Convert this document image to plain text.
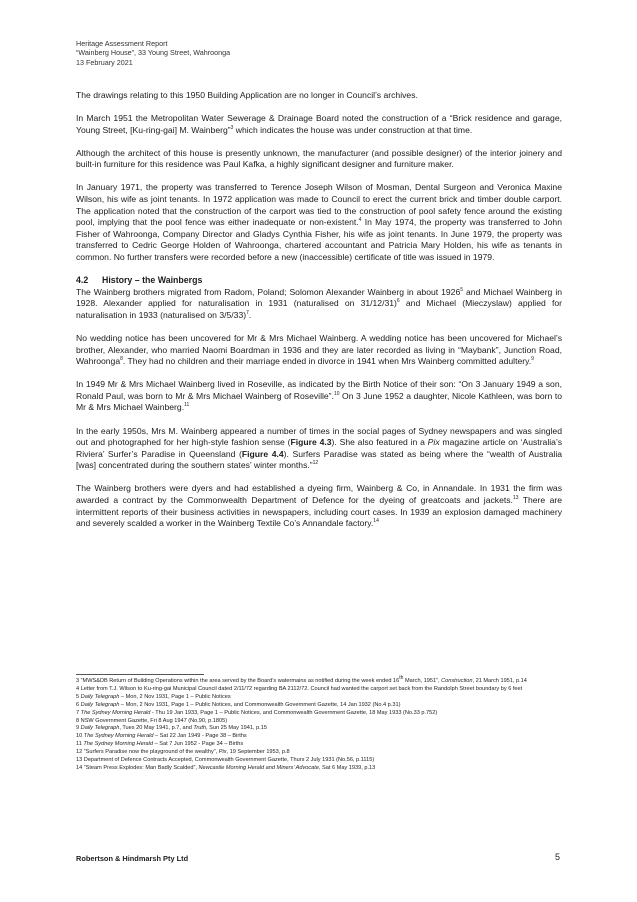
Heritage Assessment Report
“Wainberg House”, 33 Young Street, Wahroonga
13 February 2021

The drawings relating to this 1950 Building Application are no longer in Council’s archives.

In March 1951 the Metropolitan Water Sewerage & Drainage Board noted the construction of a “Brick residence and garage, Young Street, [Ku-ring-gai] M. Wainberg”$^3$ which indicates the house was under construction at that time.

Although the architect of this house is presently unknown, the manufacturer (and possible designer) of the interior joinery and built-in furniture for this residence was Paul Kafka, a highly significant designer and furniture maker.

In January 1971, the property was transferred to Terence Joseph Wilson of Mosman, Dental Surgeon and Veronica Maxine Wilson, his wife as joint tenants. In 1972 application was made to Council to erect the current brick and timber double carport. The application noted that the construction of the carport was tied to the construction of pool safety fence around the existing pool, implying that the pool fence was either inadequate or non-existent.$^4$ In May 1974, the property was transferred to John Fisher of Wahroonga, Company Director and Gladys Cynthia Fisher, his wife as joint tenants. In June 1979, the property was transferred to Cedric George Holden of Wahroonga, chartered accountant and Patricia Mary Holden, his wife as tenants in common. No further transfers were recorded before a new (inaccessible) certificate of title was issued in 1979.

4.2 History – the Wainbergs

The Wainberg brothers migrated from Radom, Poland; Solomon Alexander Wainberg in about 1926$^5$ and Michael Wainberg in 1928. Alexander applied for naturalisation in 1931 (naturalised on 31/12/31)$^6$ and Michael (Mieczyslaw) applied for naturalisation in 1933 (naturalised on 3/5/33)$^7$.

No wedding notice has been uncovered for Mr & Mrs Michael Wainberg. A wedding notice has been uncovered for Michael’s brother, Alexander, who married Naomi Boardman in 1936 and they are later recorded as living in “Maybank”, Junction Road, Wahroonga$^8$. They had no children and their marriage ended in divorce in 1941 when Mrs Wainberg committed adultery.$^9$

In 1949 Mr & Mrs Michael Wainberg lived in Roseville, as indicated by the Birth Notice of their son: “On 3 January 1949 a son, Ronald Paul, was born to Mr & Mrs Michael Wainberg of Roseville”.$^{10}$ On 3 June 1952 a daughter, Nicole Kathleen, was born to Mr & Mrs Michael Wainberg.$^{11}$

In the early 1950s, Mrs M. Wainberg appeared a number of times in the social pages of Sydney newspapers and was singled out and photographed for her high-style fashion sense (Figure 4.3). She also featured in a Pix magazine article on ‘Australia’s Riviera’ Surfer’s Paradise in Queensland (Figure 4.4). Surfers Paradise was stated as being where the “wealth of Australia [was] concentrated during the southern states’ winter months.”$^{12}$

The Wainberg brothers were dyers and had established a dyeing firm, Wainberg & Co, in Annandale. In 1931 the firm was awarded a contract by the Commonwealth Department of Defence for the dyeing of greatcoats and jackets.$^{13}$ There are intermittent reports of their business activities in newspapers, including court cases. In 1939 an explosion damaged machinery and severely scalded a worker in the Wainberg Textile Co’s Annandale factory.$^{14}$

3 “MWS&DB Return of Building Operations within the area served by the Board’s watermains as notified during the week ended 16th March, 1951”, Construction, 21 March 1951, p.14
4 Letter from T.J. Wilson to Ku-ring-gai Municipal Council dated 2/11/72 regarding BA 2112/72. Council had wanted the carport set back from the Randolph Street boundary by 6 feet
5 Daily Telegraph – Mon, 2 Nov 1931, Page 1 – Public Notices
6 Daily Telegraph – Mon, 2 Nov 1931, Page 1 – Public Notices, and Commonwealth Government Gazette, 14 Jan 1932 (No.4 p.31)
7 The Sydney Morning Herald - Thu 19 Jan 1933, Page 1 – Public Notices, and Commonwealth Government Gazette, 18 May 1933 (No.33 p.752)
8 NSW Government Gazette, Fri 8 Aug 1947 (No.90, p.1805)
9 Daily Telegraph, Tues 20 May 1941, p.7, and Truth, Sun 25 May 1941, p.15
10 The Sydney Morning Herald – Sat 22 Jan 1949 - Page 38 – Births
11 The Sydney Morning Herald – Sat 7 Jun 1952 - Page 34 – Births
12 “Surfers Paradise now the playground of the wealthy”, Pix, 19 September 1953, p.8
13 Department of Defence Contracts Accepted, Commonwealth Government Gazette, Thurs 2 July 1931 (No.56, p.1115)
14 “Steam Press Explodes: Man Badly Scalded”, Newcastle Morning Herald and Miners’ Advocate, Sat 6 May 1939, p.13
Robertson & Hindmarsh Pty Ltd	5
